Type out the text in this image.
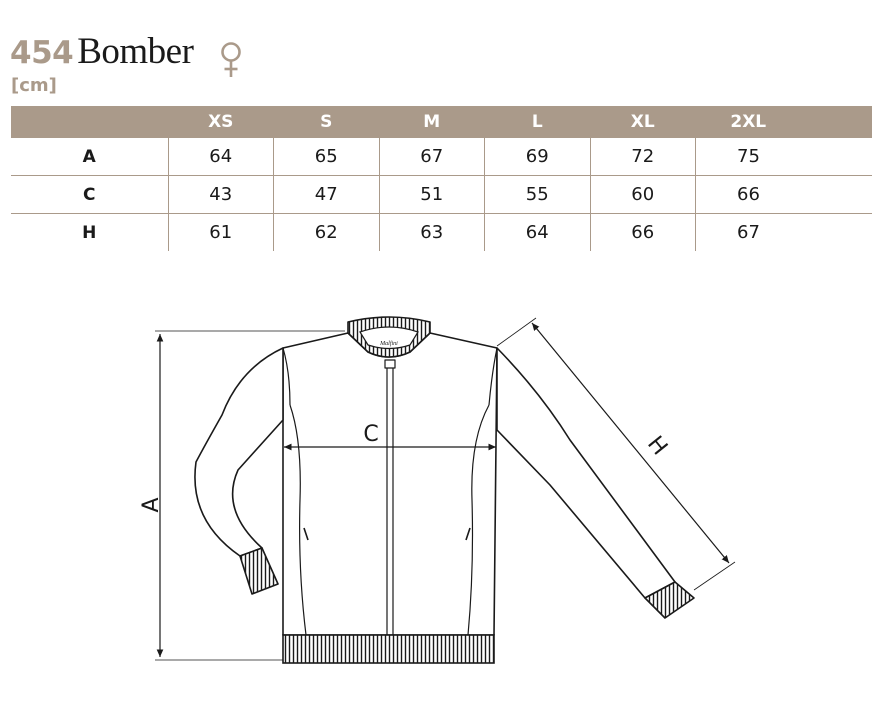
454 Bomber
[cm]
	XS	S	M	L	XL	2XL	
A	64	65	67	69	72	75	
C	43	47	51	55	60	66	
H	61	62	63	64	66	67	
Malfini
A
C	H
